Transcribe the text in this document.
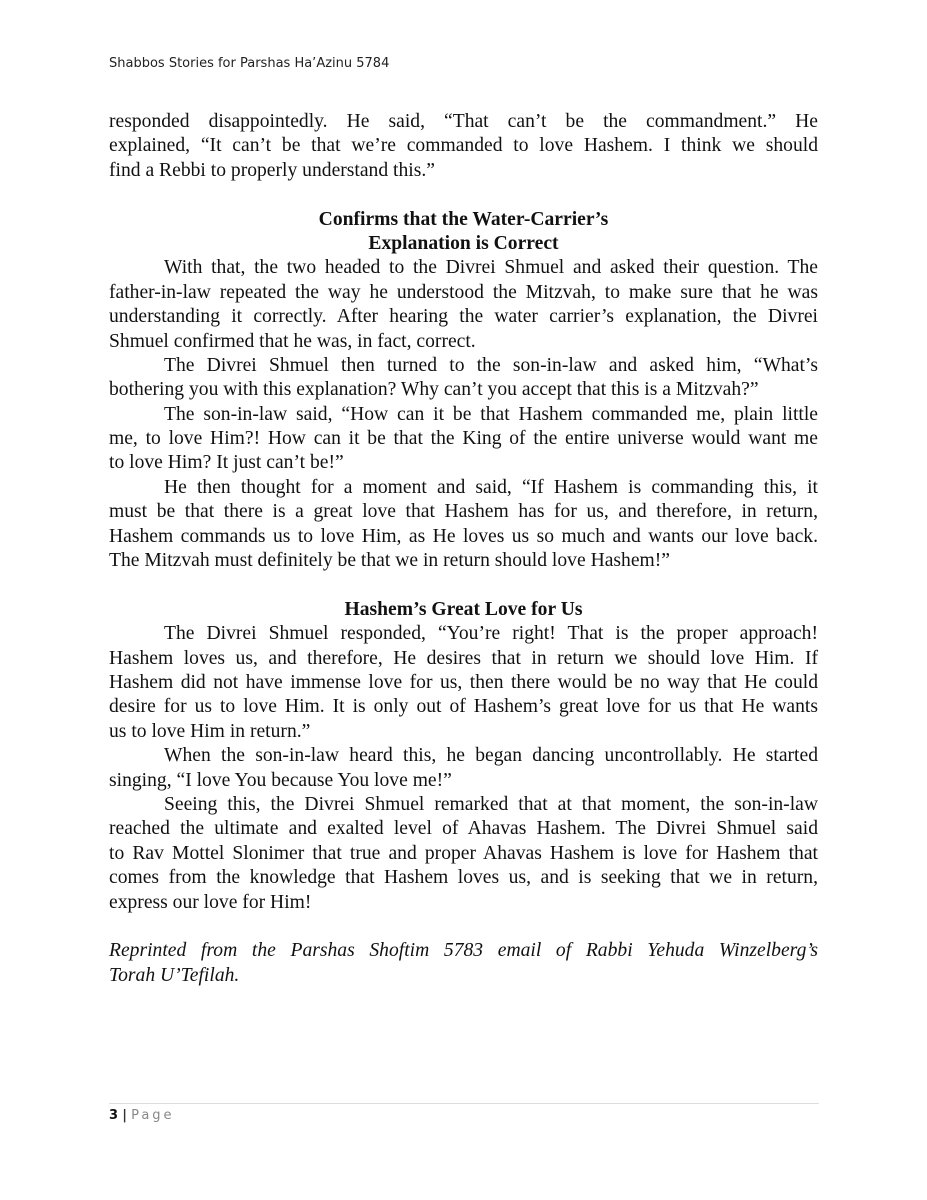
Shabbos Stories for Parshas Ha’Azinu 5784
responded disappointedly. He said, “That can’t be the commandment.” He
explained, “It can’t be that we’re commanded to love Hashem. I think we should
find a Rebbi to properly understand this.”
Confirms that the Water-Carrier’s
Explanation is Correct
With that, the two headed to the Divrei Shmuel and asked their question. The
father-in-law repeated the way he understood the Mitzvah, to make sure that he was
understanding it correctly. After hearing the water carrier’s explanation, the Divrei
Shmuel confirmed that he was, in fact, correct.
The Divrei Shmuel then turned to the son-in-law and asked him, “What’s
bothering you with this explanation? Why can’t you accept that this is a Mitzvah?”
The son-in-law said, “How can it be that Hashem commanded me, plain little
me, to love Him?! How can it be that the King of the entire universe would want me
to love Him? It just can’t be!”
He then thought for a moment and said, “If Hashem is commanding this, it
must be that there is a great love that Hashem has for us, and therefore, in return,
Hashem commands us to love Him, as He loves us so much and wants our love back.
The Mitzvah must definitely be that we in return should love Hashem!”
Hashem’s Great Love for Us
The Divrei Shmuel responded, “You’re right! That is the proper approach!
Hashem loves us, and therefore, He desires that in return we should love Him. If
Hashem did not have immense love for us, then there would be no way that He could
desire for us to love Him. It is only out of Hashem’s great love for us that He wants
us to love Him in return.”
When the son-in-law heard this, he began dancing uncontrollably. He started
singing, “I love You because You love me!”
Seeing this, the Divrei Shmuel remarked that at that moment, the son-in-law
reached the ultimate and exalted level of Ahavas Hashem. The Divrei Shmuel said
to Rav Mottel Slonimer that true and proper Ahavas Hashem is love for Hashem that
comes from the knowledge that Hashem loves us, and is seeking that we in return,
express our love for Him!
Reprinted from the Parshas Shoftim 5783 email of Rabbi Yehuda Winzelberg’s
Torah U’Tefilah.
3 | Page
